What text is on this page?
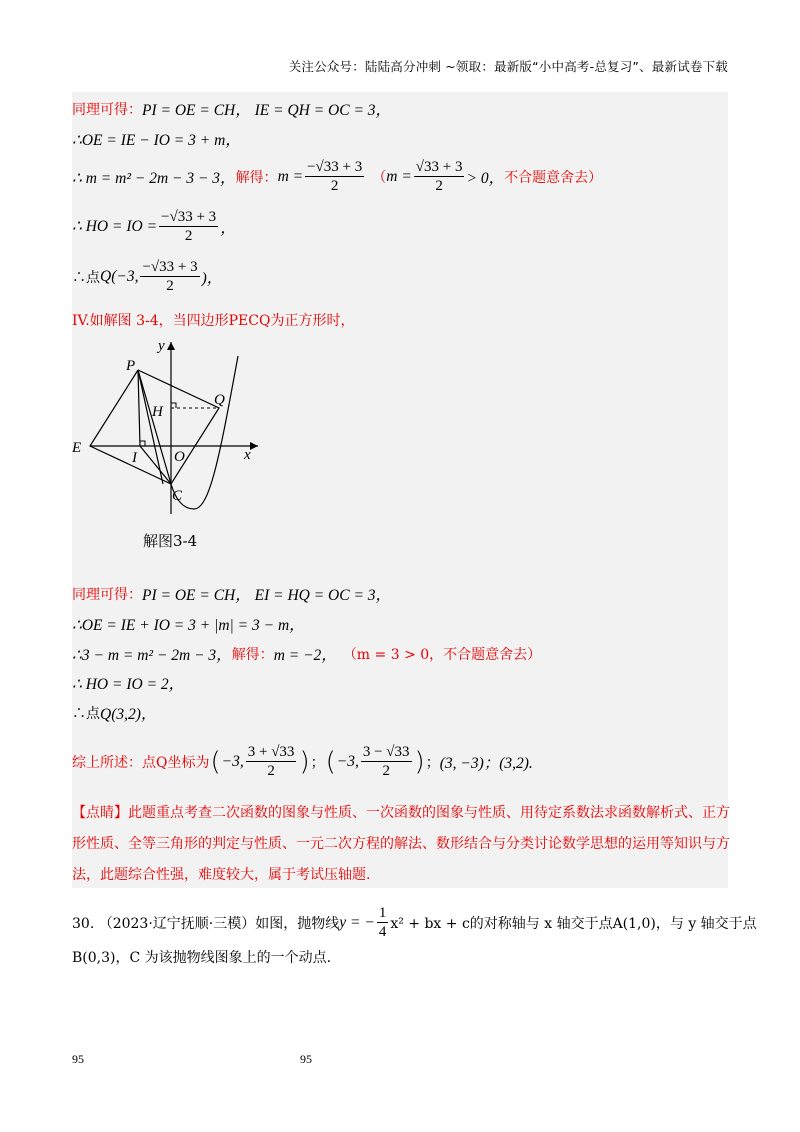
关注公众号：陆陆高分冲刺 ~领取：最新版“小中高考-总复习”、最新试卷下载
同理可得： PI = OE = CH， IE = QH = OC = 3，
∴OE = IE − IO = 3 + m，
∴ m = m² − 2m − 3 − 3， 解得： $m = \frac{-√33 + 3}{2}$ （ $m = \frac{√33 + 3}{2} > 0$， 不合题意舍去）
∴ HO = IO = $\frac{-√33 + 3}{2}$ ，
∴点 Q(−3, $\frac{-√33 + 3}{2}$ )，
IV.如解图 3-4，当四边形PECQ为正方形时，
P
y
H
Q
E
I O	x
C
解图3-4
同理可得： PI = OE = CH， EI = HQ = OC = 3，
∴OE = IE + IO = 3 + |m| = 3 − m，
∴3 − m = m² − 2m − 3， 解得： m = −2， （m = 3 > 0，不合题意舍去）
∴ HO = IO = 2，
∴点 Q(3,2)，
综上所述：点Q坐标为 ( −3, $\frac{3 + √33}{2}$ ) ； ( −3, $\frac{3 - √33}{2}$ ) ； (3, −3)；(3,2).
【点睛】此题重点考查二次函数的图象与性质、一次函数的图象与性质、用待定系数法求函数解析式、正方形性质、全等三角形的判定与性质、一元二次方程的解法、数形结合与分类讨论数学思想的运用等知识与方法，此题综合性强，难度较大，属于考试压轴题.
30. （2023·辽宁抚顺·三模）如图，抛物线 y = − $\frac{1}{4} x^2$ + bx + c的对称轴与 x 轴交于点A(1,0)，与 y 轴交于点
B(0,3)，C 为该抛物线图象上的一个动点.
95	95
